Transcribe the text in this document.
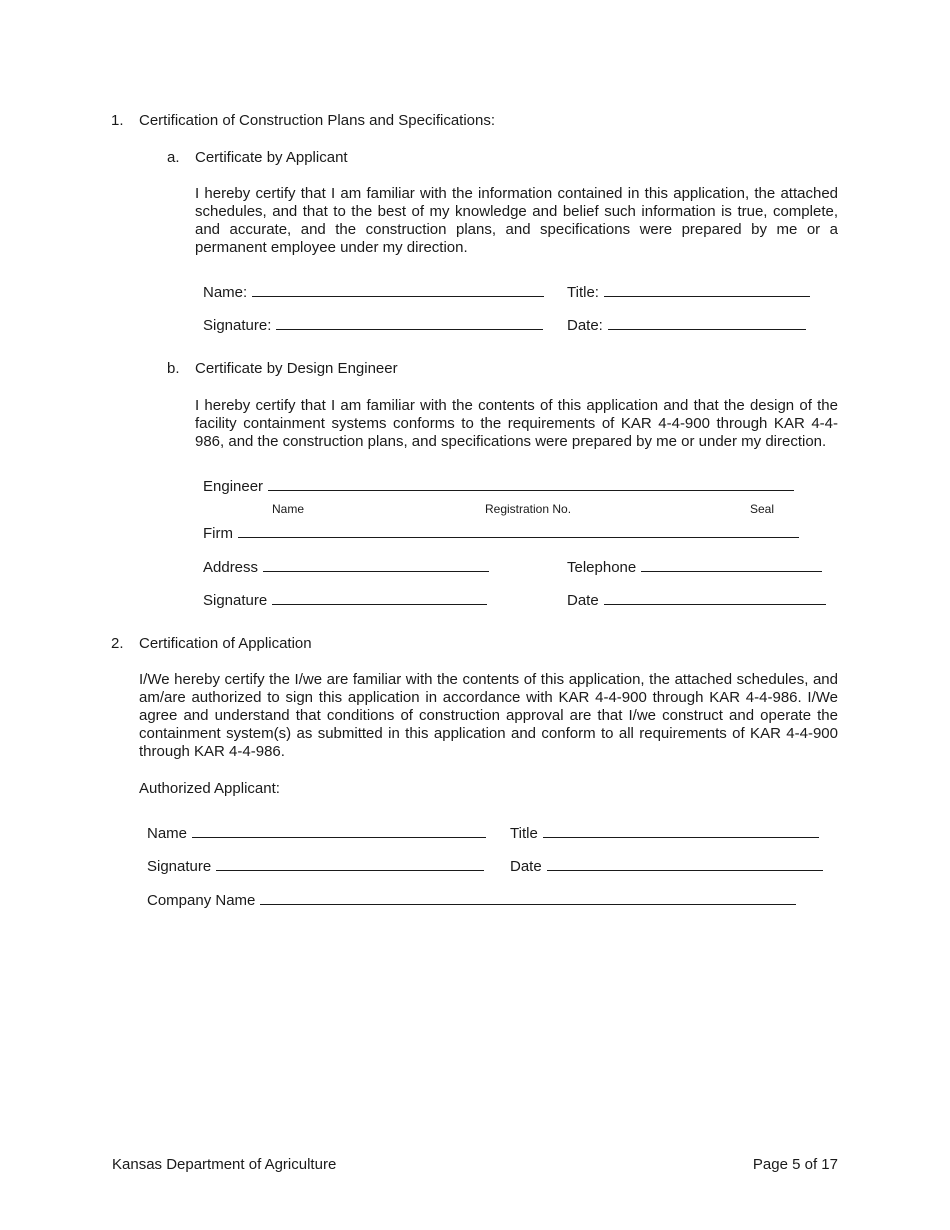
1. Certification of Construction Plans and Specifications:
a. Certificate by Applicant
I hereby certify that I am familiar with the information contained in this application, the attached schedules, and that to the best of my knowledge and belief such information is true, complete, and accurate, and the construction plans, and specifications were prepared by me or a permanent employee under my direction.
Name:	Title:
Signature:	Date:
b. Certificate by Design Engineer
I hereby certify that I am familiar with the contents of this application and that the design of the facility containment systems conforms to the requirements of KAR 4-4-900 through KAR 4-4-986, and the construction plans, and specifications were prepared by me or under my direction.
Engineer
Name	Registration No.	Seal
Firm
Address	Telephone
Signature	Date
2. Certification of Application
I/We hereby certify the I/we are familiar with the contents of this application, the attached schedules, and am/are authorized to sign this application in accordance with KAR 4-4-900 through KAR 4-4-986. I/We agree and understand that conditions of construction approval are that I/we construct and operate the containment system(s) as submitted in this application and conform to all requirements of KAR 4-4-900 through KAR 4-4-986.
Authorized Applicant:
Name	Title
Signature	Date
Company Name
Kansas Department of Agriculture	Page 5 of 17
